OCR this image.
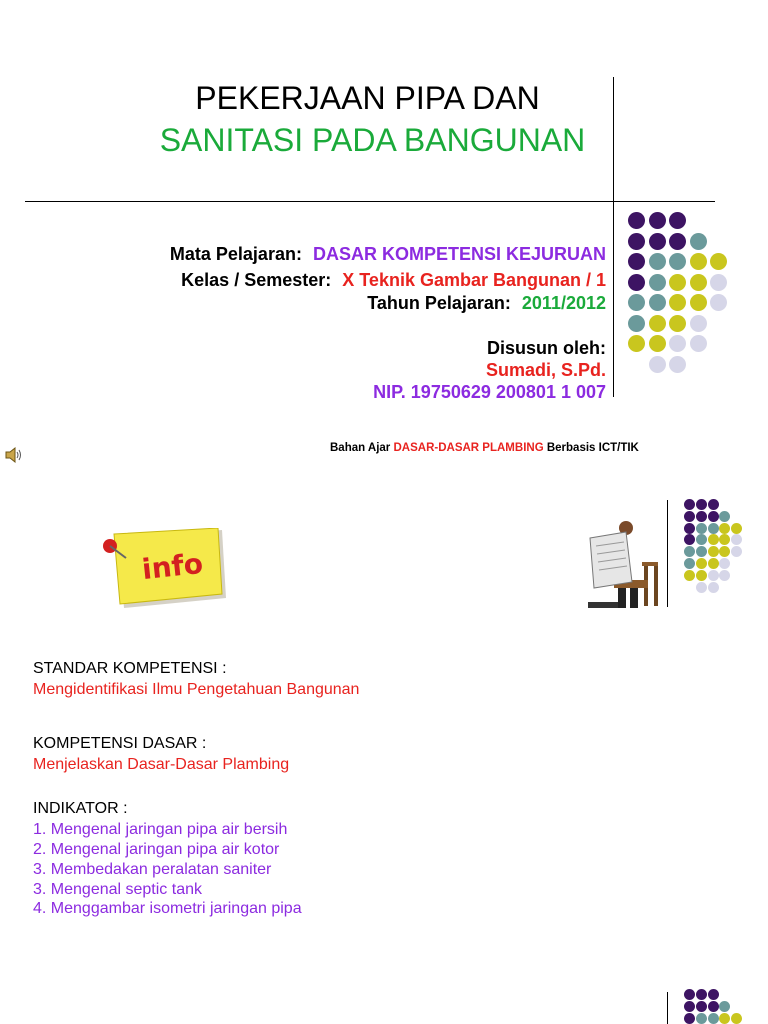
PEKERJAAN PIPA DAN
SANITASI PADA BANGUNAN
Mata Pelajaran: DASAR KOMPETENSI KEJURUAN
Kelas / Semester: X Teknik Gambar Bangunan / 1
Tahun Pelajaran: 2011/2012
Disusun oleh:
Sumadi, S.Pd.
NIP. 19750629 200801 1 007
Bahan Ajar DASAR-DASAR PLAMBING Berbasis ICT/TIK
info
STANDAR KOMPETENSI :
Mengidentifikasi Ilmu Pengetahuan Bangunan
KOMPETENSI DASAR :
Menjelaskan Dasar-Dasar Plambing
INDIKATOR :
1. Mengenal jaringan pipa air bersih
2. Mengenal jaringan pipa air kotor
3. Membedakan peralatan saniter
3. Mengenal septic tank
4. Menggambar isometri jaringan pipa
